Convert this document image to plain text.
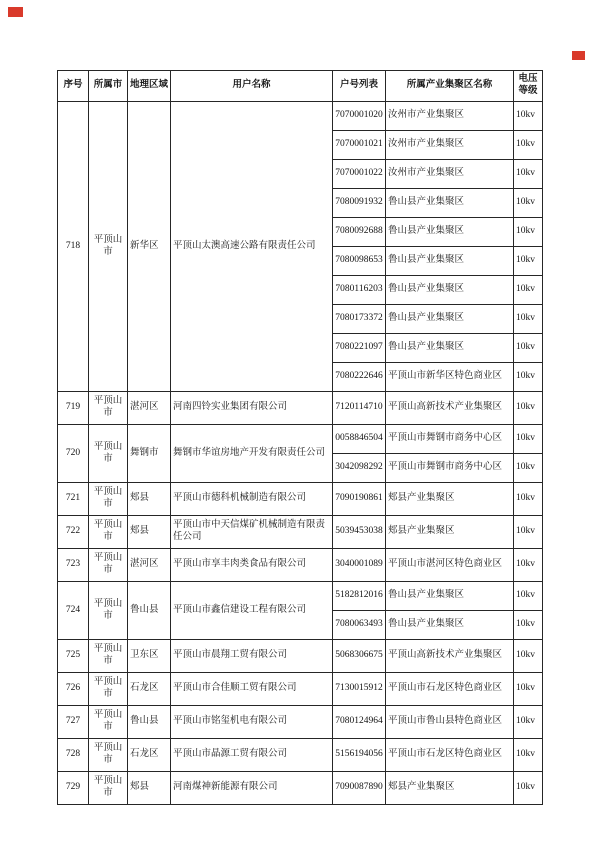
序号	所属市	地理区域	用户名称	户号列表	所属产业集聚区名称	电压等级
718	平顶山市	新华区	平顶山太澳高速公路有限责任公司	7070001020	汝州市产业集聚区	10kv
				7070001021	汝州市产业集聚区	10kv
				7070001022	汝州市产业集聚区	10kv
				7080091932	鲁山县产业集聚区	10kv
				7080092688	鲁山县产业集聚区	10kv
				7080098653	鲁山县产业集聚区	10kv
				7080116203	鲁山县产业集聚区	10kv
				7080173372	鲁山县产业集聚区	10kv
				7080221097	鲁山县产业集聚区	10kv
				7080222646	平顶山市新华区特色商业区	10kv
719	平顶山市	湛河区	河南四铃实业集团有限公司	7120114710	平顶山高新技术产业集聚区	10kv
720	平顶山市	舞钢市	舞钢市华谊房地产开发有限责任公司	0058846504	平顶山市舞钢市商务中心区	10kv
				3042098292	平顶山市舞钢市商务中心区	10kv
721	平顶山市	郏县	平顶山市德科机械制造有限公司	7090190861	郏县产业集聚区	10kv
722	平顶山市	郏县	平顶山市中天信煤矿机械制造有限责任公司	5039453038	郏县产业集聚区	10kv
723	平顶山市	湛河区	平顶山市享丰肉类食品有限公司	3040001089	平顶山市湛河区特色商业区	10kv
724	平顶山市	鲁山县	平顶山市鑫信建设工程有限公司	5182812016	鲁山县产业集聚区	10kv
				7080063493	鲁山县产业集聚区	10kv
725	平顶山市	卫东区	平顶山市晨翔工贸有限公司	5068306675	平顶山高新技术产业集聚区	10kv
726	平顶山市	石龙区	平顶山市合佳顺工贸有限公司	7130015912	平顶山市石龙区特色商业区	10kv
727	平顶山市	鲁山县	平顶山市铭玺机电有限公司	7080124964	平顶山市鲁山县特色商业区	10kv
728	平顶山市	石龙区	平顶山市晶源工贸有限公司	5156194056	平顶山市石龙区特色商业区	10kv
729	平顶山市	郏县	河南煤神新能源有限公司	7090087890	郏县产业集聚区	10kv
